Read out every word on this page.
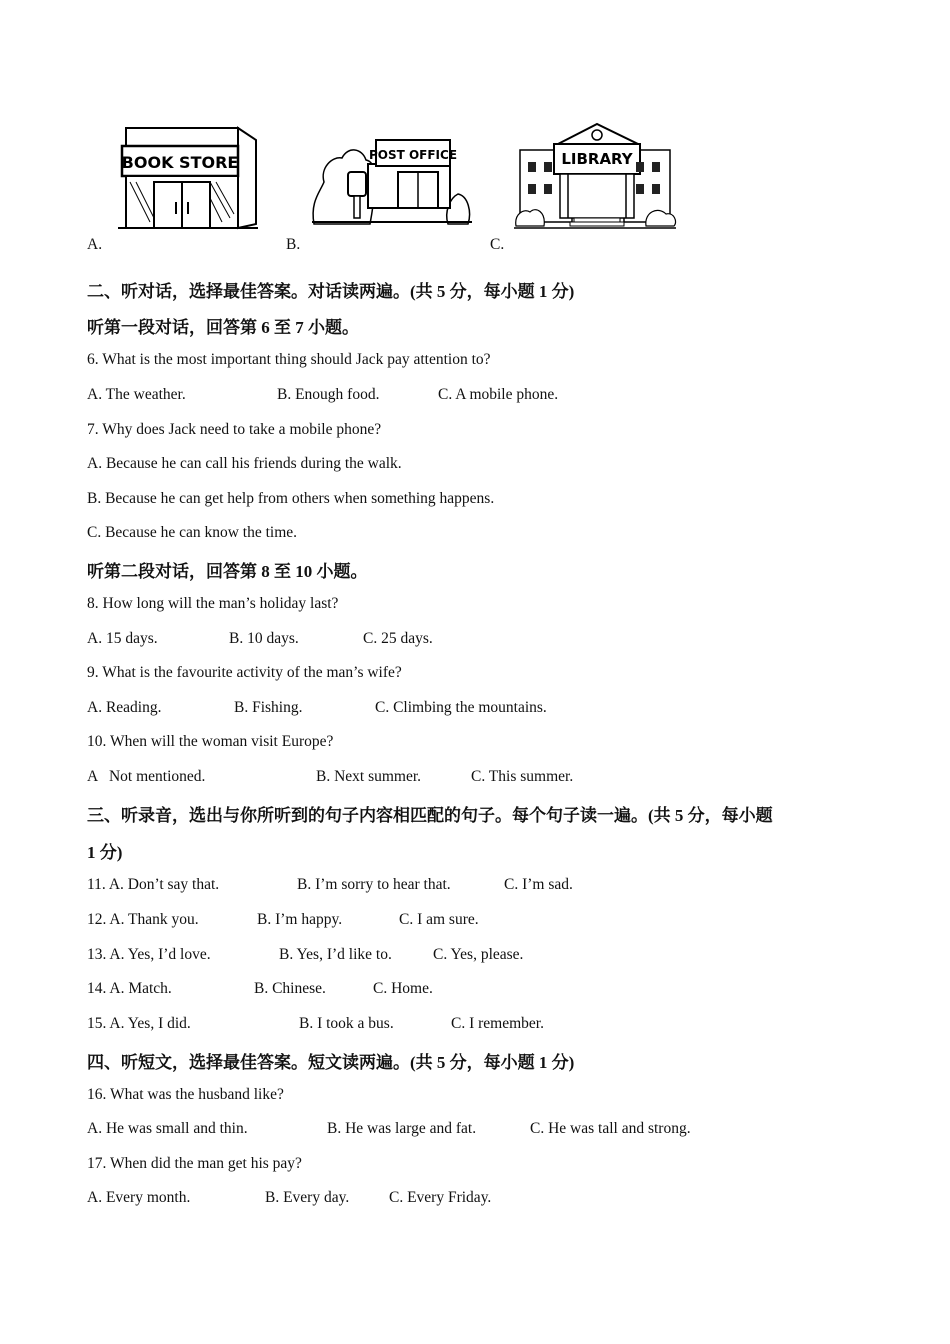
BOOK STORE	POST OFFICE	LIBRARY
A.	B.	C.
二、听对话，选择最佳答案。对话读两遍。(共 5 分，每小题 1 分)
听第一段对话，回答第 6 至 7 小题。
6. What is the most important thing should Jack pay attention to?
A. The weather.	B. Enough food.	C. A mobile phone.
7. Why does Jack need to take a mobile phone?
A. Because he can call his friends during the walk.
B. Because he can get help from others when something happens.
C. Because he can know the time.
听第二段对话，回答第 8 至 10 小题。
8. How long will the man’s holiday last?
A. 15 days.	B. 10 days.	C. 25 days.
9. What is the favourite activity of the man’s wife?
A. Reading.	B. Fishing.	C. Climbing the mountains.
10. When will the woman visit Europe?
A   Not mentioned.	B. Next summer.	C. This summer.
三、听录音，选出与你所听到的句子内容相匹配的句子。每个句子读一遍。(共 5 分，每小题
1 分)
11. A. Don’t say that.	B. I’m sorry to hear that.	C. I’m sad.
12. A. Thank you.	B. I’m happy.	C. I am sure.
13. A. Yes, I’d love.	B. Yes, I’d like to.	C. Yes, please.
14. A. Match.	B. Chinese.	C. Home.
15. A. Yes, I did.	B. I took a bus.	C. I remember.
四、听短文，选择最佳答案。短文读两遍。(共 5 分，每小题 1 分)
16. What was the husband like?
A. He was small and thin.	B. He was large and fat.	C. He was tall and strong.
17. When did the man get his pay?
A. Every month.	B. Every day.	C. Every Friday.
